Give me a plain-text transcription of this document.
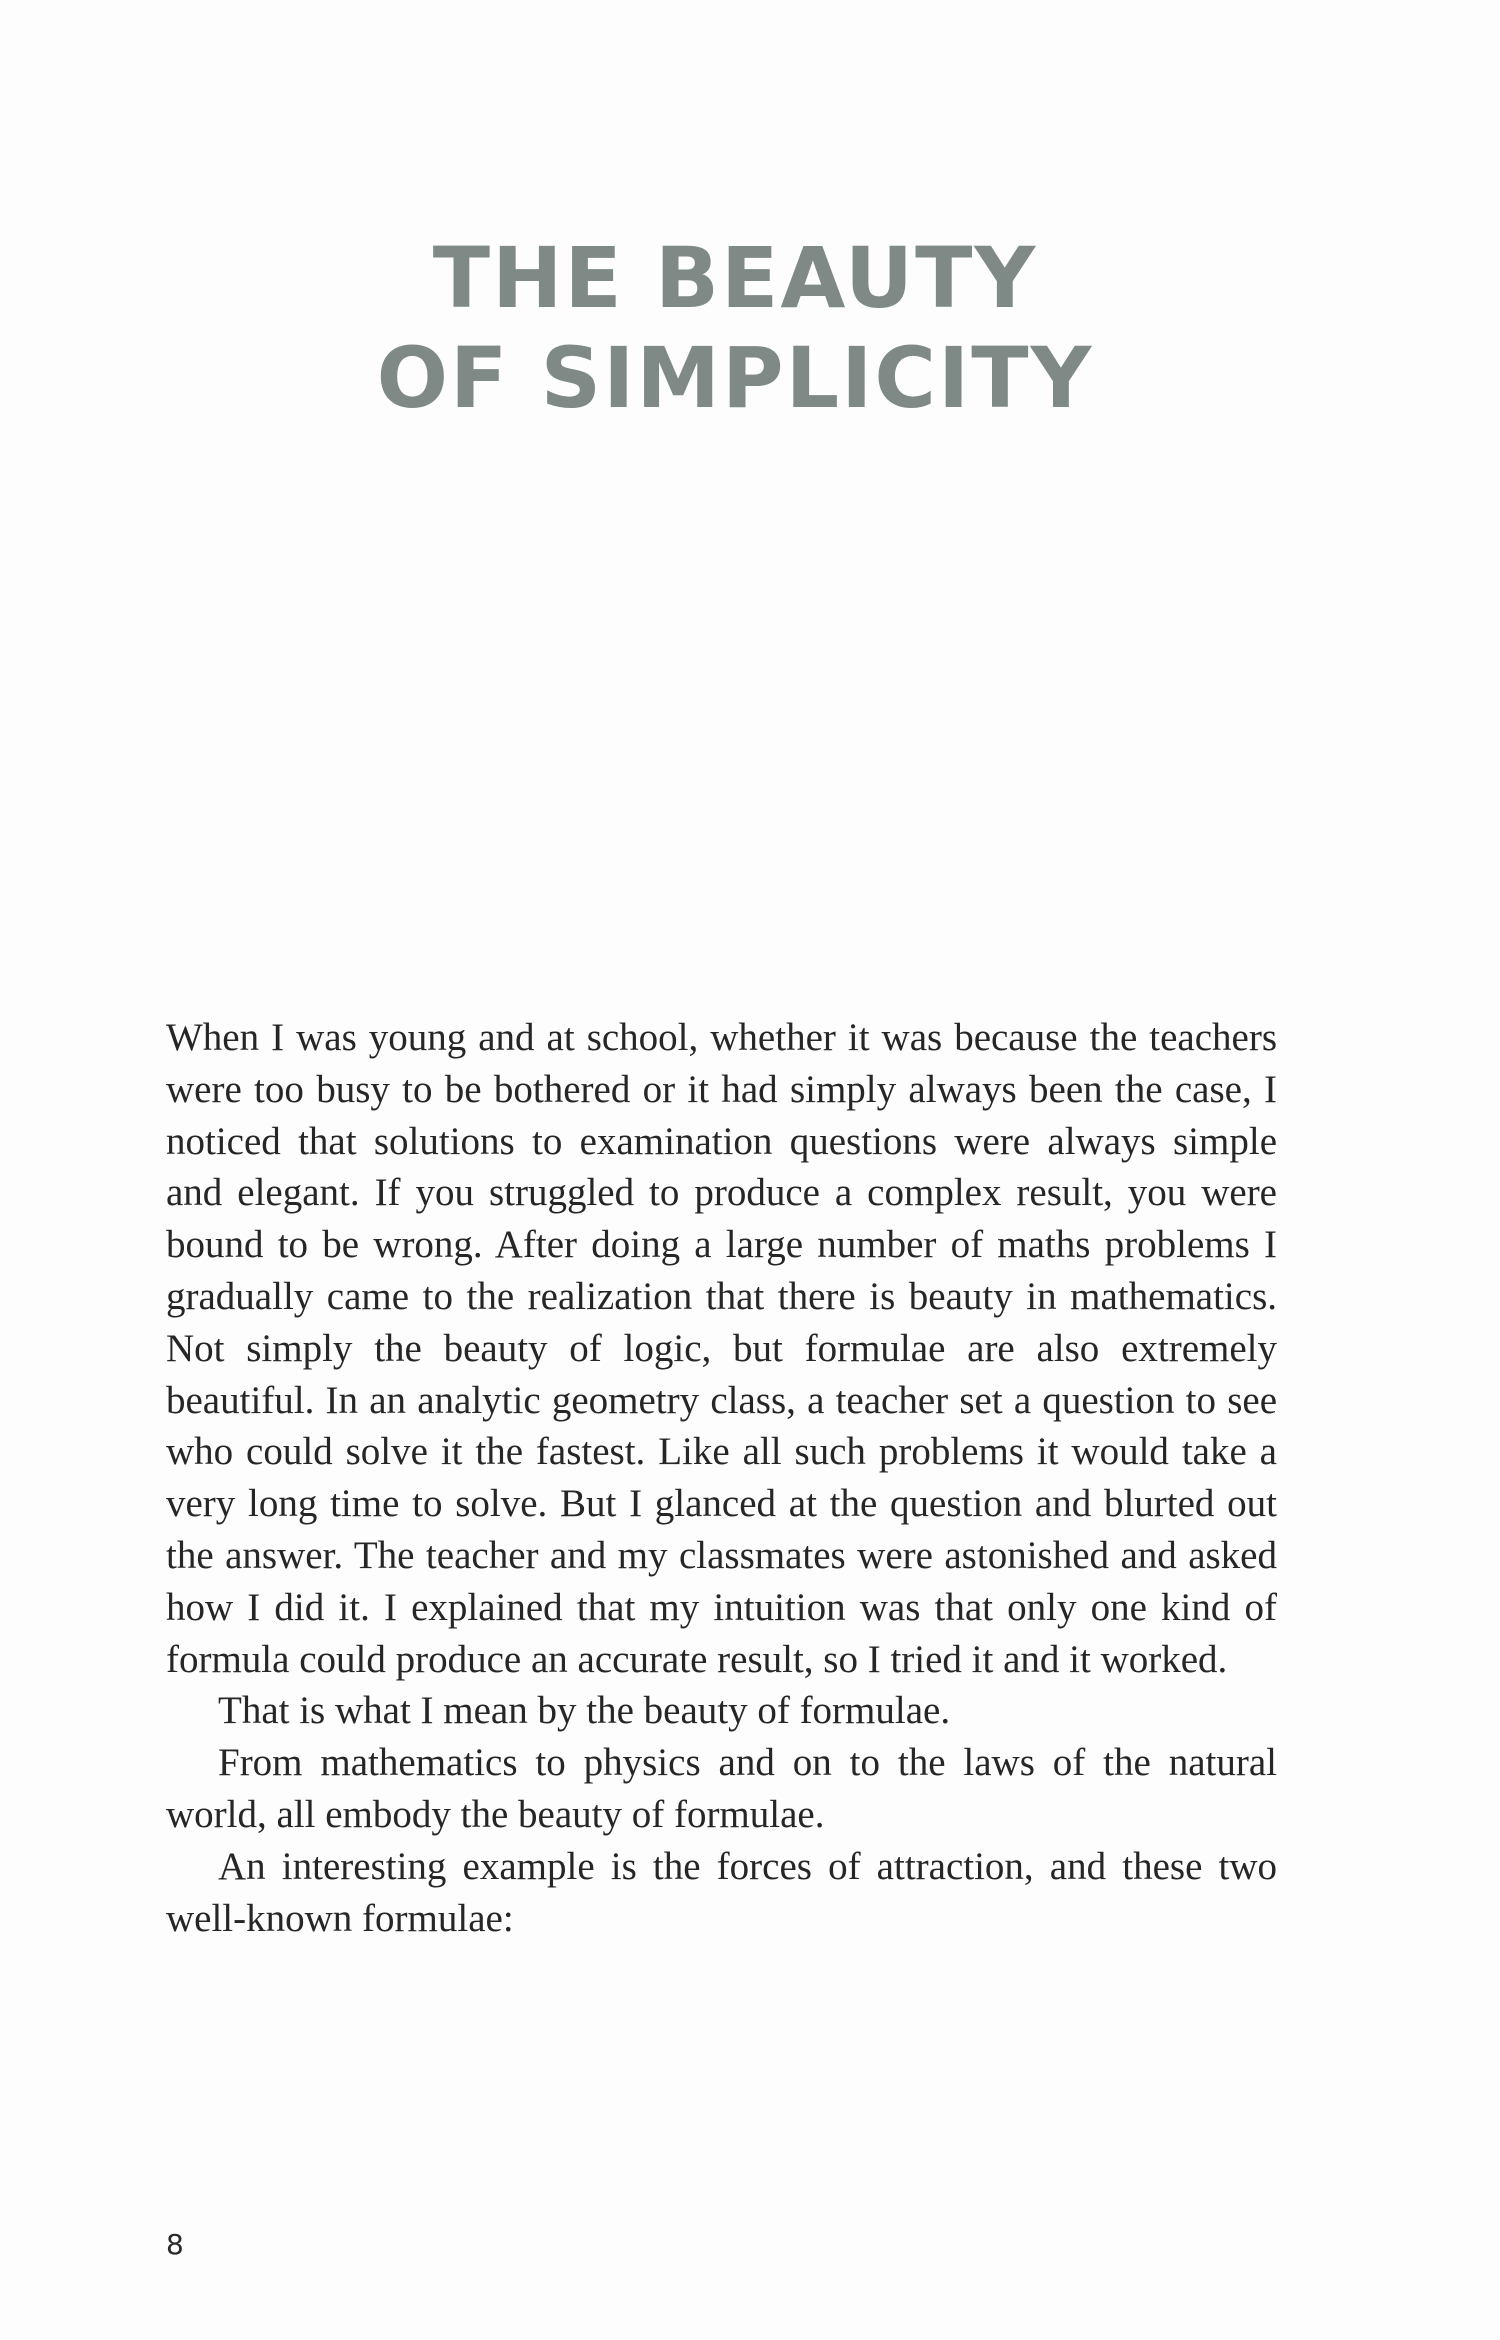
THE BEAUTY
OF SIMPLICITY

When I was young and at school, whether it was because the teachers were too busy to be bothered or it had simply always been the case, I noticed that solutions to examination questions were always simple and elegant. If you struggled to produce a complex result, you were bound to be wrong. After doing a large number of maths problems I gradually came to the realization that there is beauty in mathematics. Not simply the beauty of logic, but formulae are also extremely beautiful. In an analytic geometry class, a teacher set a question to see who could solve it the fastest. Like all such problems it would take a very long time to solve. But I glanced at the question and blurted out the answer. The teacher and my classmates were astonished and asked how I did it. I explained that my intuition was that only one kind of formula could produce an accurate result, so I tried it and it worked.

That is what I mean by the beauty of formulae.

From mathematics to physics and on to the laws of the natural world, all embody the beauty of formulae.

An interesting example is the forces of attraction, and these two well-known formulae:

8
